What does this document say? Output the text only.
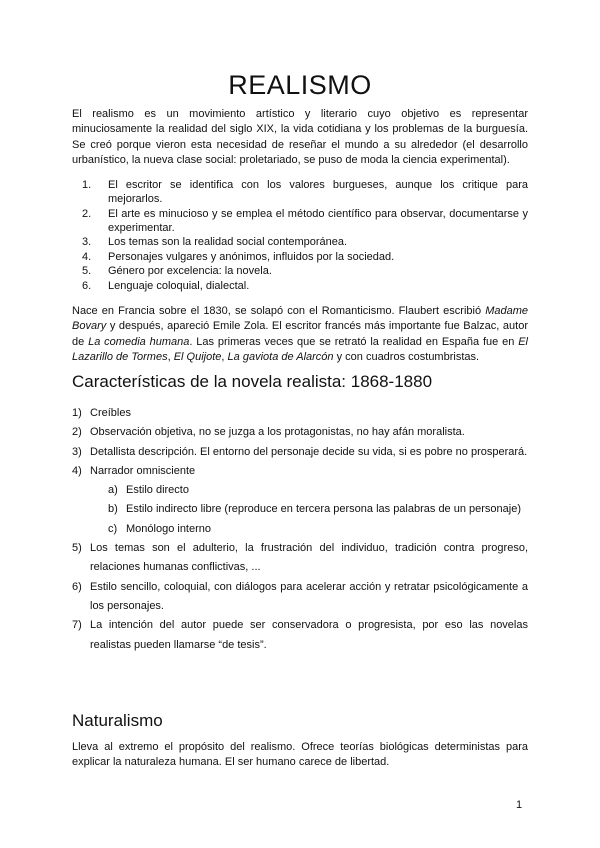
REALISMO

El realismo es un movimiento artístico y literario cuyo objetivo es representar minuciosamente la realidad del siglo XIX, la vida cotidiana y los problemas de la burguesía. Se creó porque vieron esta necesidad de reseñar el mundo a su alrededor (el desarrollo urbanístico, la nueva clase social: proletariado, se puso de moda la ciencia experimental).

1. El escritor se identifica con los valores burgueses, aunque los critique para mejorarlos.
2. El arte es minucioso y se emplea el método científico para observar, documentarse y experimentar.
3. Los temas son la realidad social contemporánea.
4. Personajes vulgares y anónimos, influidos por la sociedad.
5. Género por excelencia: la novela.
6. Lenguaje coloquial, dialectal.

Nace en Francia sobre el 1830, se solapó con el Romanticismo. Flaubert escribió Madame Bovary y después, apareció Emile Zola. El escritor francés más importante fue Balzac, autor de La comedia humana. Las primeras veces que se retrató la realidad en España fue en El Lazarillo de Tormes, El Quijote, La gaviota de Alarcón y con cuadros costumbristas.

Características de la novela realista: 1868-1880
1) Creíbles
2) Observación objetiva, no se juzga a los protagonistas, no hay afán moralista.
3) Detallista descripción. El entorno del personaje decide su vida, si es pobre no prosperará.
4) Narrador omnisciente
a) Estilo directo
b) Estilo indirecto libre (reproduce en tercera persona las palabras de un personaje)
c) Monólogo interno
5) Los temas son el adulterio, la frustración del individuo, tradición contra progreso, relaciones humanas conflictivas, ...
6) Estilo sencillo, coloquial, con diálogos para acelerar acción y retratar psicológicamente a los personajes.
7) La intención del autor puede ser conservadora o progresista, por eso las novelas realistas pueden llamarse “de tesis”.
Naturalismo

Lleva al extremo el propósito del realismo. Ofrece teorías biológicas deterministas para explicar la naturaleza humana. El ser humano carece de libertad.

1
